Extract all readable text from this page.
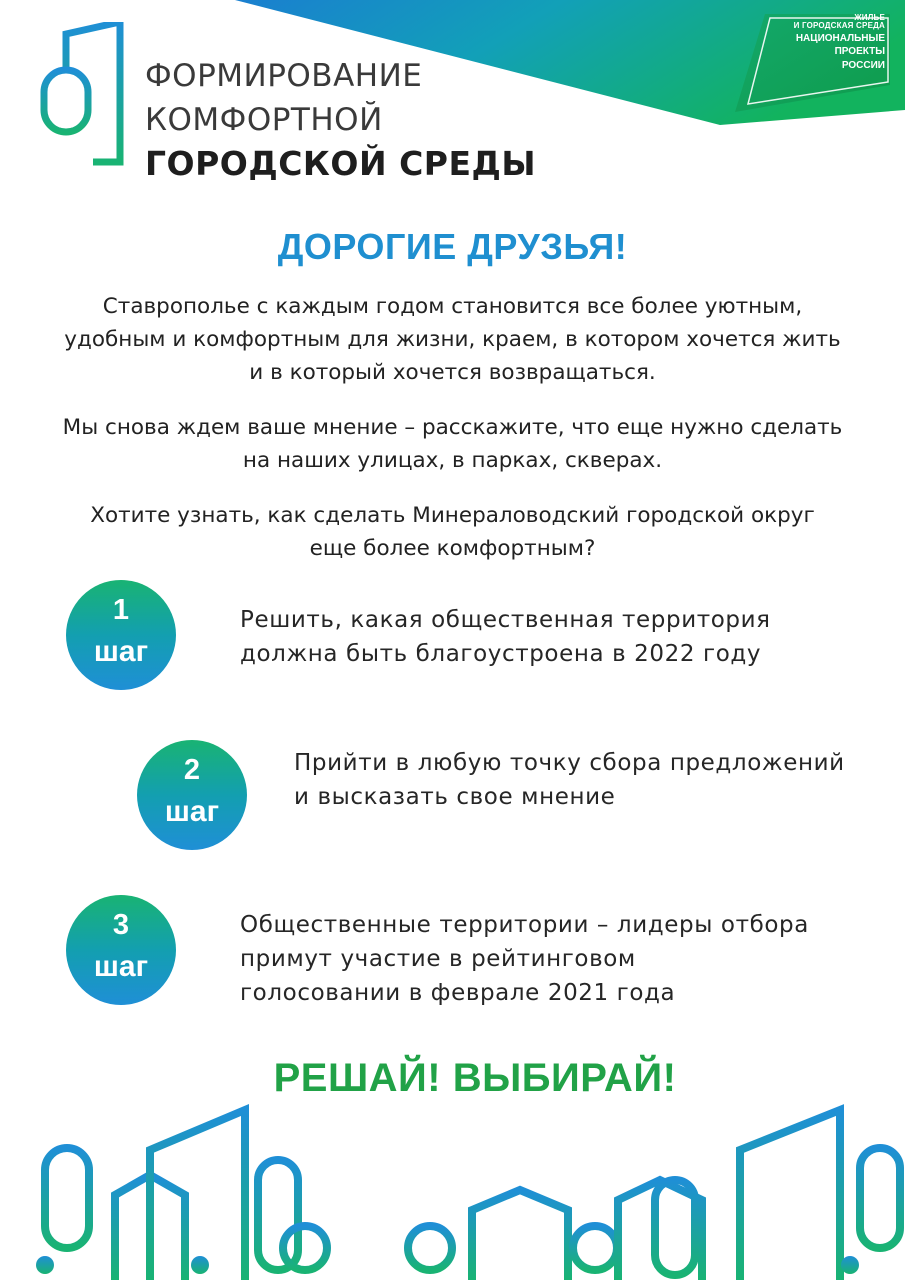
ЖИЛЬЕ
И ГОРОДСКАЯ СРЕДА
НАЦИОНАЛЬНЫЕ
ПРОЕКТЫ
РОССИИ
ФОРМИРОВАНИЕ
КОМФОРТНОЙ
ГОРОДСКОЙ СРЕДЫ
ДОРОГИЕ ДРУЗЬЯ!
Ставрополье с каждым годом становится все более уютным,
удобным и комфортным для жизни, краем, в котором хочется жить
и в который хочется возвращаться.
Мы снова ждем ваше мнение – расскажите, что еще нужно сделать
на наших улицах, в парках, скверах.
Хотите узнать, как сделать Минераловодский городской округ
еще более комфортным?
1
шаг
Решить, какая общественная территория
должна быть благоустроена в 2022 году
2
шаг
Прийти в любую точку сбора предложений
и высказать свое мнение
3
шаг
Общественные территории – лидеры отбора
примут участие в рейтинговом
голосовании в феврале 2021 года
РЕШАЙ! ВЫБИРАЙ!
